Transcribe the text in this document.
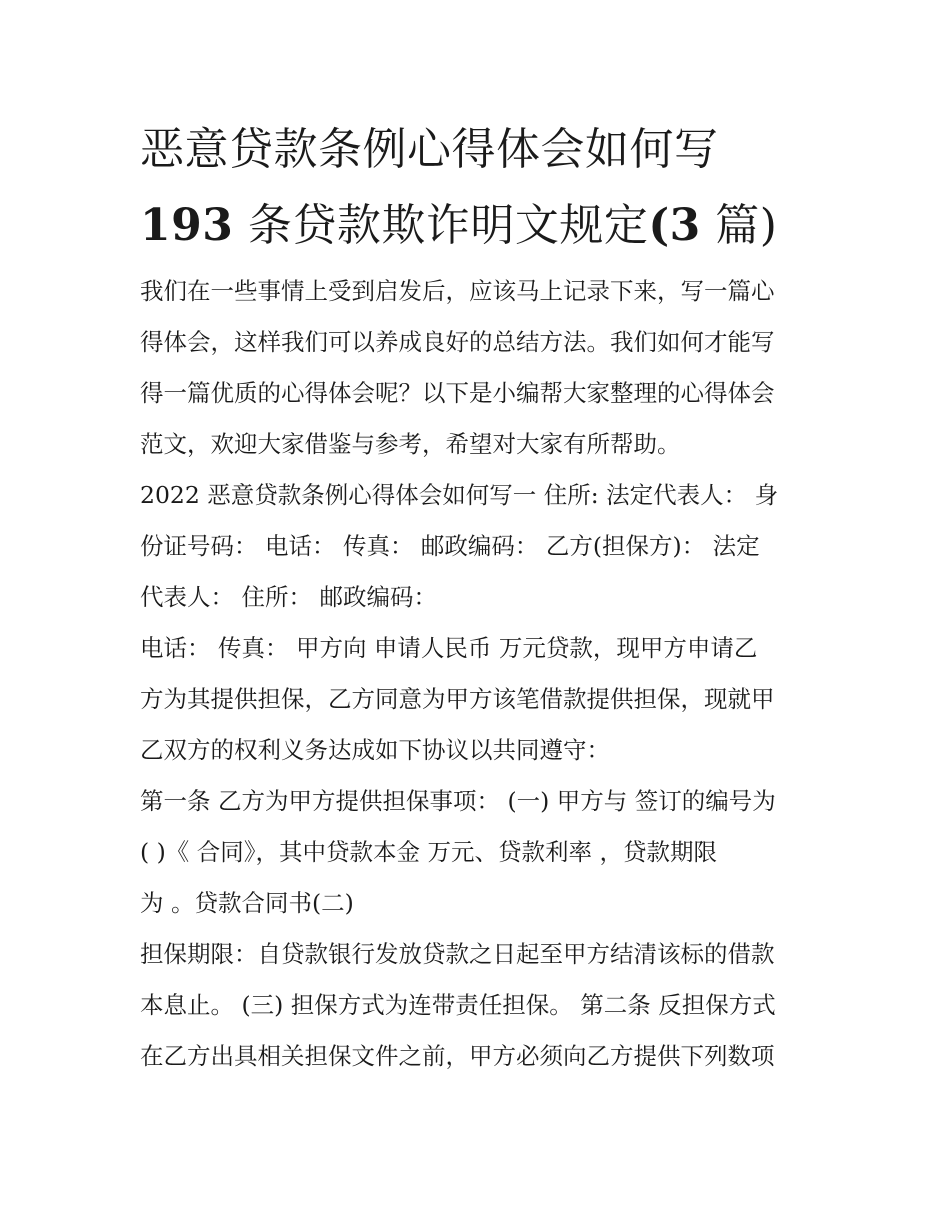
恶意贷款条例心得体会如何写
193 条贷款欺诈明文规定(3 篇)

我们在一些事情上受到启发后，应该马上记录下来，写一篇心
得体会，这样我们可以养成良好的总结方法。我们如何才能写
得一篇优质的心得体会呢？以下是小编帮大家整理的心得体会
范文，欢迎大家借鉴与参考，希望对大家有所帮助。

2022 恶意贷款条例心得体会如何写一 住所: 法定代表人： 身
份证号码： 电话： 传真： 邮政编码： 乙方(担保方)： 法定
代表人： 住所： 邮政编码：

电话： 传真： 甲方向 申请人民币 万元贷款，现甲方申请乙
方为其提供担保，乙方同意为甲方该笔借款提供担保，现就甲
乙双方的权利义务达成如下协议以共同遵守：

第一条 乙方为甲方提供担保事项： (一) 甲方与 签订的编号为
( )《 合同》，其中贷款本金 万元、贷款利率 ，贷款期限
为 。贷款合同书(二)

担保期限：自贷款银行发放贷款之日起至甲方结清该标的借款
本息止。 (三) 担保方式为连带责任担保。 第二条 反担保方式
在乙方出具相关担保文件之前，甲方必须向乙方提供下列数项
